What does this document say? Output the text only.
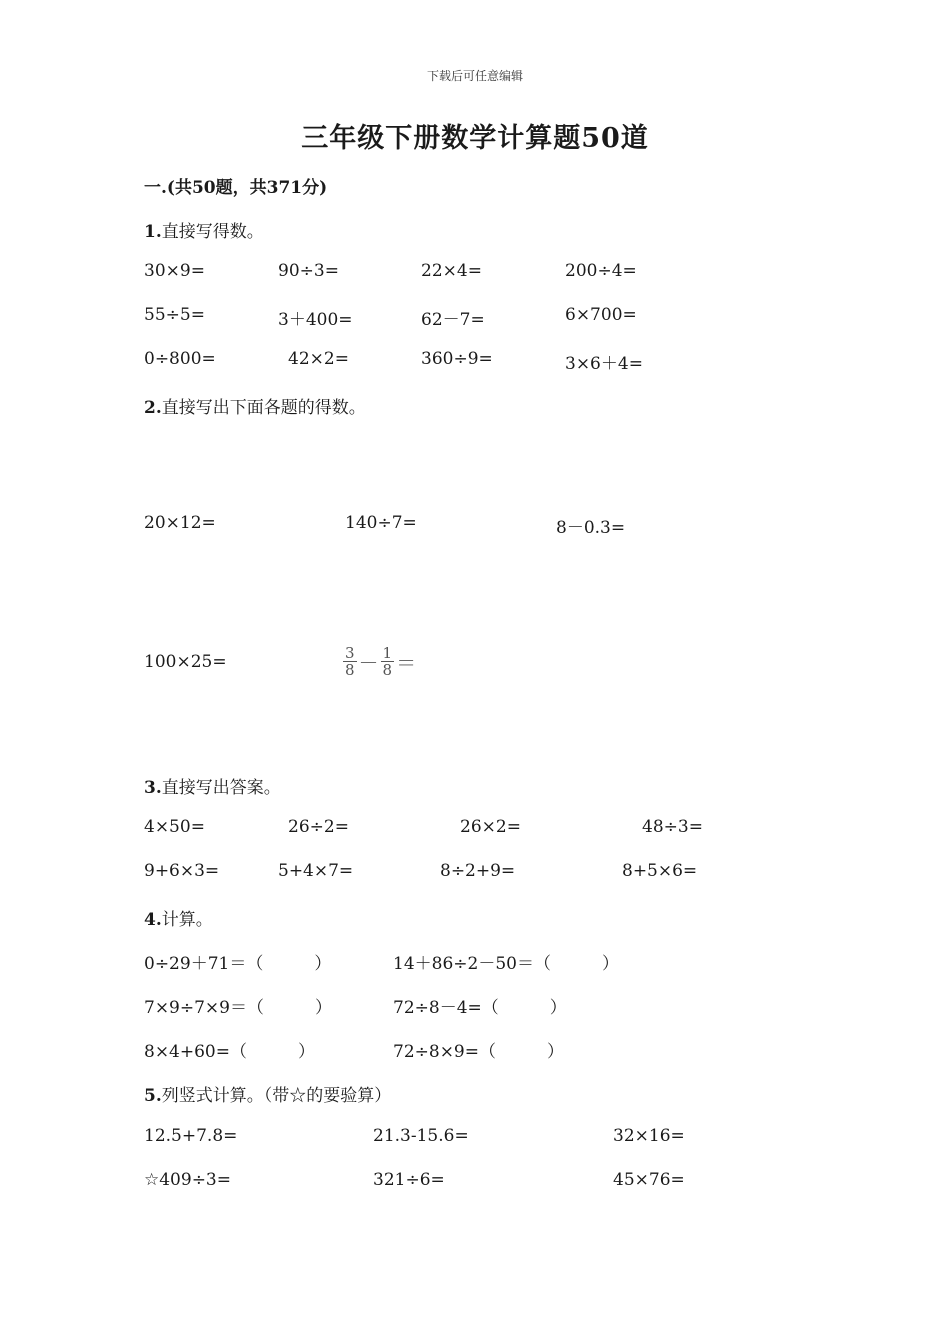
下载后可任意编辑
三年级下册数学计算题50道
一.(共50题，共371分)
1.直接写得数。
30×9=	90÷3=	22×4=	200÷4=
55÷5=	3＋400=	62－7=	6×700=
0÷800=	42×2=	360÷9=	3×6＋4=
2.直接写出下面各题的得数。
20×12=	140÷7=	8－0.3=
100×25=	$\frac{3}{8} - \frac{1}{8}$ ＝
3.直接写出答案。
4×50=	26÷2=	26×2=	48÷3=
9+6×3=	5+4×7=	8÷2+9=	8+5×6=
4.计算。
0÷29＋71＝（　　　）	14＋86÷2－50＝（　　　）
7×9÷7×9＝（　　　）	72÷8－4=（　　　）
8×4+60=（　　　）	72÷8×9=（　　　）
5.列竖式计算。（带☆的要验算）
12.5+7.8=	21.3-15.6=	32×16=
☆409÷3=	321÷6=	45×76=
